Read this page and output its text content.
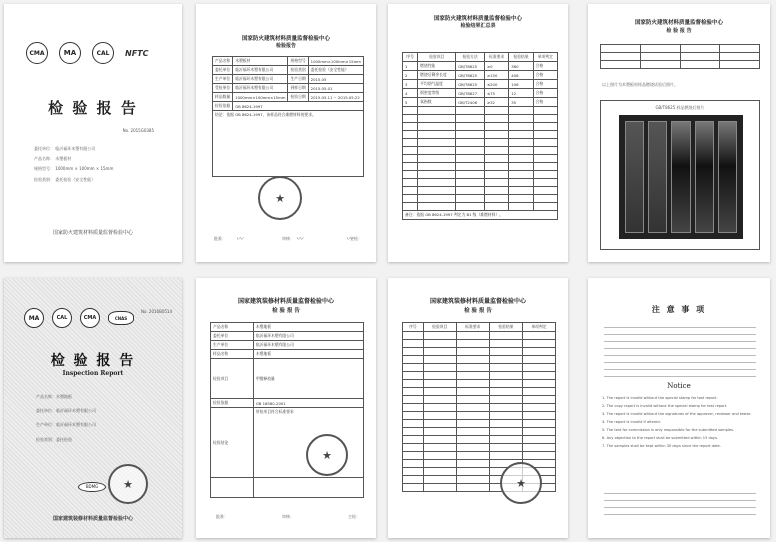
CMA	MA	CAL	NFTC
检 验 报 告
No. 2015G0385
委托单位： 临沂福环木塑有限公司
产品名称： 木塑板材
规格型号： 1000mm × 100mm × 15mm
检验类别： 委托检验（安全性能）
国家防火建筑材料质量监督检验中心
国家防火建筑材料质量监督检验中心
检验报告
产品名称	木塑板材	规格型号	1000mm×100mm×15mm
委托单位	临沂福环木塑有限公司	检验类别	委托检验（安全性能）
生产单位	临沂福环木塑有限公司	生产日期	2015.05
受检单位	临沂福环木塑有限公司	到样日期	2015.05.01
样品数量	1000mm×100mm×15mm	检验日期	2015.05.11 ~ 2015.05.22
检验依据	GB 8624-1997		
结论：依据 GB 8624-1997，该样品符合难燃材料的要求。			
★
批准：	审核：	主检：
〰	〰	〰
国家防火建筑材料质量监督检验中心
检验结果汇总表
序号	检验项目	检验方法	标准要求	检验结果	单项判定
1	燃烧性能	GB/T8625	≥0	360	合格
2	燃烧后剩余长度	GB/T8625	≥150	406	合格
3	平均烟气温度	GB/T8625	≤200	106	合格
4	烟密度等级	GB/T8627	≤75	12	合格
5	氧指数	GB/T2406	≥32	35	合格

备注：依据 GB 8624-1997 判定为 B1 级（难燃材料）。					
国家防火建筑材料质量监督检验中心
检 验 报 告

以上照片为木塑板材样品燃烧试验后照片。
GB/T8625 样品燃烧后照片
MA	CAL	CMA	CNAS
No. 2016B0514
检 验 报 告
Inspection Report
产品名称：木塑地板
委托单位：临沂福环木塑有限公司
生产单位：临沂福环木塑有限公司
检验类别：委托检验
★
BDMG
国家建筑装修材料质量监督检验中心
国家建筑装修材料质量监督检验中心
检 验 报 告
产品名称	木塑地板
委托单位	临沂福环木塑有限公司
生产单位	临沂福环木塑有限公司
样品名称	木塑地板
检验项目	甲醛释放量
检验依据	GB 18580-2001
检验结论	所检项目符合标准要求

★
批准：	审核：	主检：
国家建筑装修材料质量监督检验中心
检 验 报 告
序号	检验项目	标准要求	检验结果	单项判定

★
注 意 事 项
Notice
1. The report is invalid without the special stamp for test report.
2. The copy report is invalid without the special stamp for test report.
3. The report is invalid without the signatures of the approver, reviewer and tester.
4. The report is invalid if altered.
5. The test for commission is only responsible for the submitted samples.
6. Any objection to the report shall be submitted within 15 days.
7. The samples shall be kept within 30 days since the report date.
